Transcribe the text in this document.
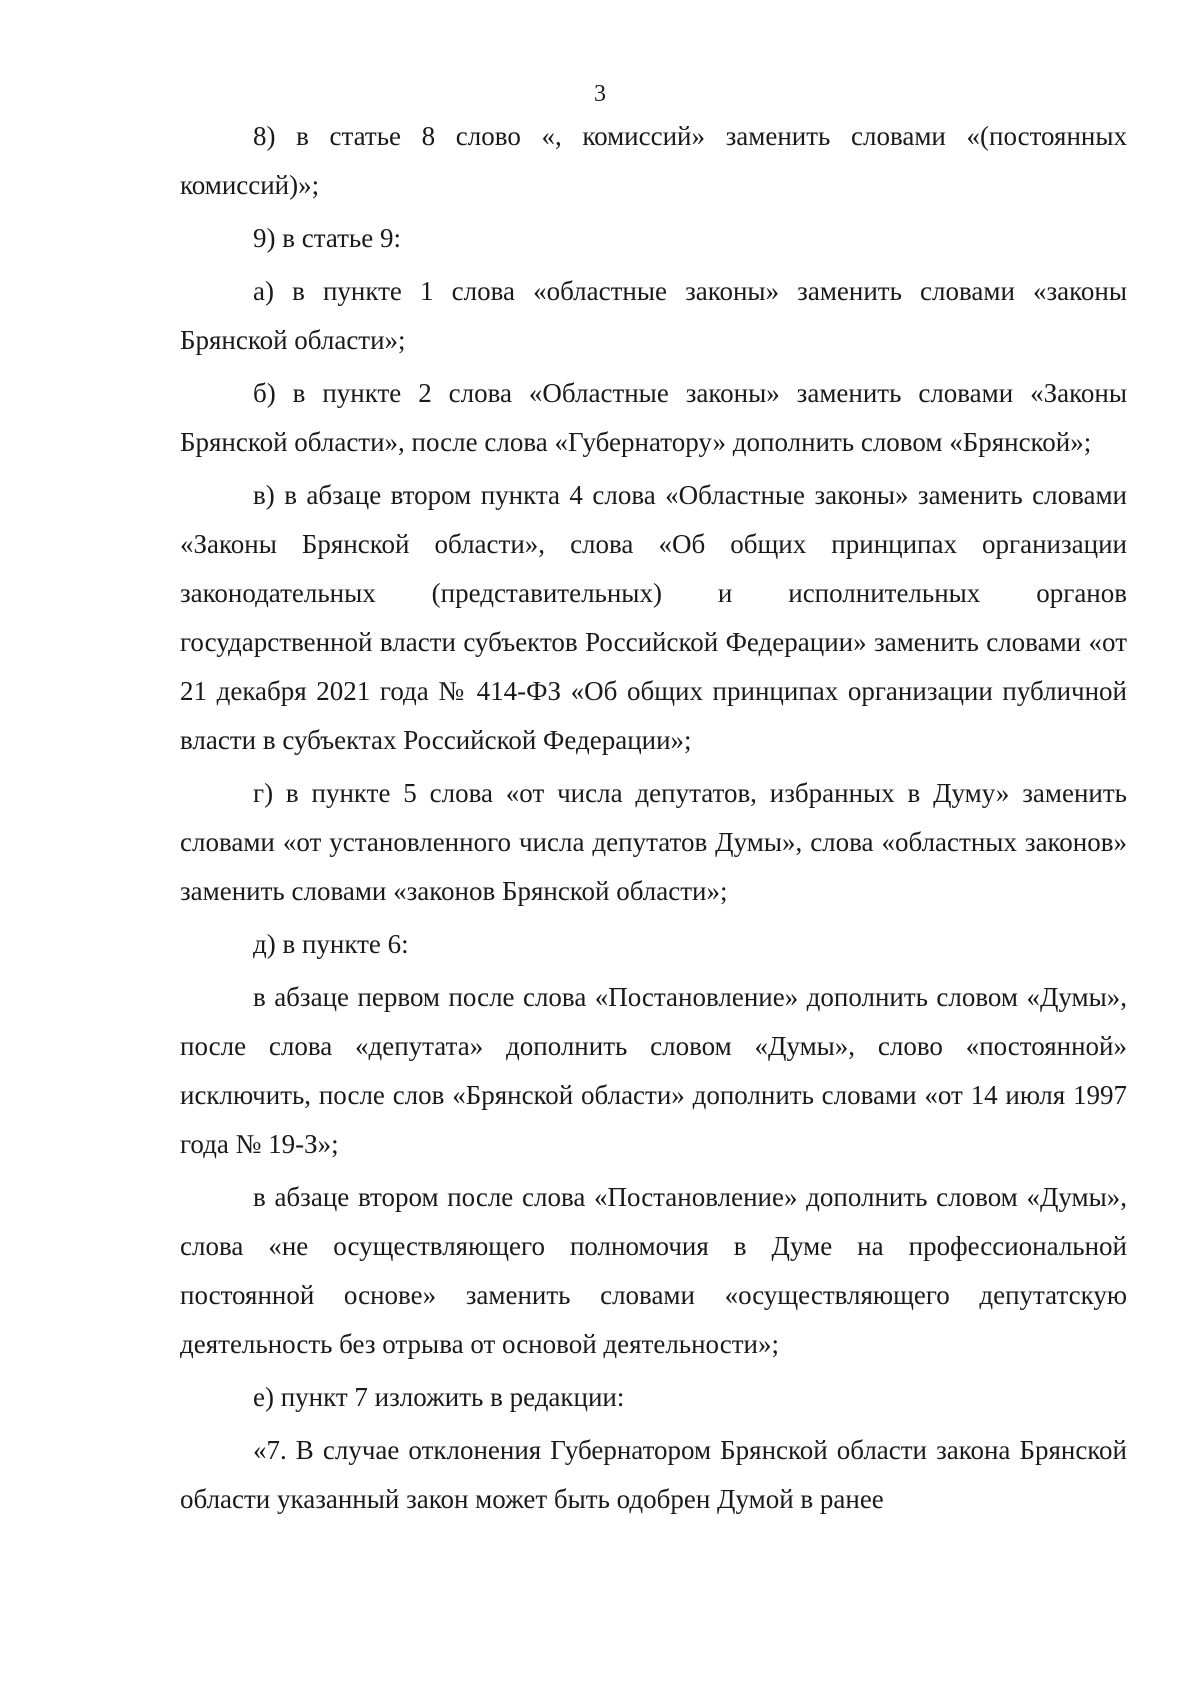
3

8) в статье 8 слово «, комиссий» заменить словами «(постоянных комиссий)»;

9) в статье 9:

а) в пункте 1 слова «областные законы» заменить словами «законы Брянской области»;

б) в пункте 2 слова «Областные законы» заменить словами «Законы Брянской области», после слова «Губернатору» дополнить словом «Брянской»;

в) в абзаце втором пункта 4 слова «Областные законы» заменить словами «Законы Брянской области», слова «Об общих принципах организации законодательных (представительных) и исполнительных органов государственной власти субъектов Российской Федерации» заменить словами «от 21 декабря 2021 года № 414-ФЗ «Об общих принципах организации публичной власти в субъектах Российской Федерации»;

г) в пункте 5 слова «от числа депутатов, избранных в Думу» заменить словами «от установленного числа депутатов Думы», слова «областных законов» заменить словами «законов Брянской области»;

д) в пункте 6:

в абзаце первом после слова «Постановление» дополнить словом «Думы», после слова «депутата» дополнить словом «Думы», слово «постоянной» исключить, после слов «Брянской области» дополнить словами «от 14 июля 1997 года № 19-З»;

в абзаце втором после слова «Постановление» дополнить словом «Думы», слова «не осуществляющего полномочия в Думе на профессиональной постоянной основе» заменить словами «осуществляющего депутатскую деятельность без отрыва от основой деятельности»;

е) пункт 7 изложить в редакции:

«7. В случае отклонения Губернатором Брянской области закона Брянской области указанный закон может быть одобрен Думой в ранее
